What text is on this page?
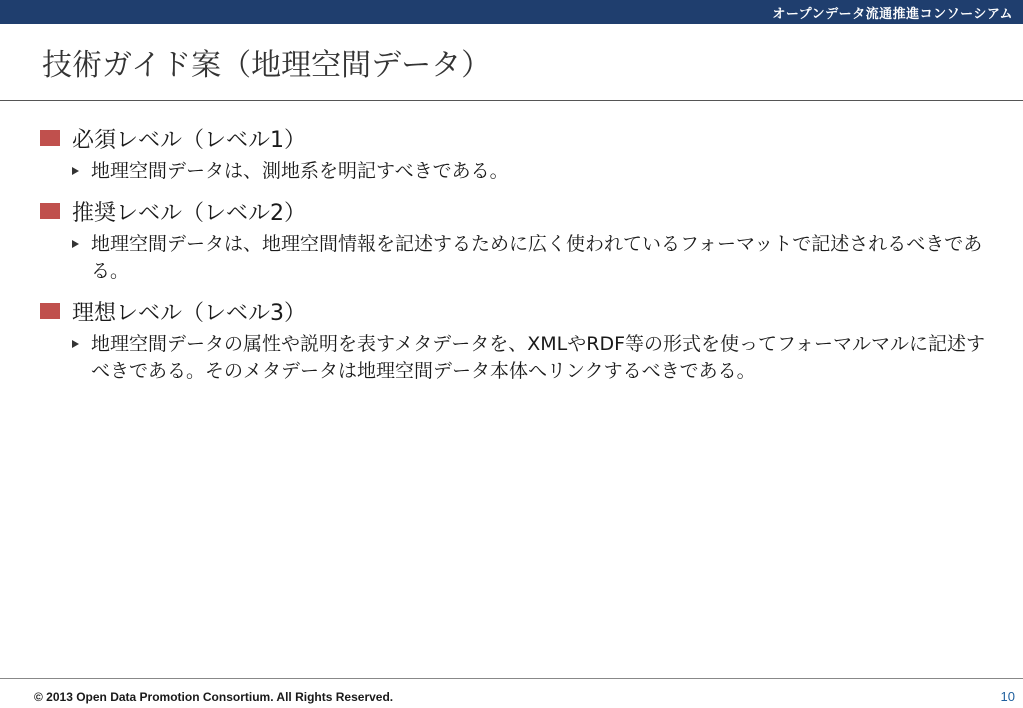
オープンデータ流通推進コンソーシアム
技術ガイド案（地理空間データ）
必須レベル（レベル1）
地理空間データは、測地系を明記すべきである。
推奨レベル（レベル2）
地理空間データは、地理空間情報を記述するために広く使われているフォーマットで記述されるべきである。
理想レベル（レベル3）
地理空間データの属性や説明を表すメタデータを、XMLやRDF等の形式を使ってフォーマルマルに記述すべきである。そのメタデータは地理空間データ本体へリンクするべきである。
© 2013 Open Data Promotion Consortium. All Rights Reserved.	10
